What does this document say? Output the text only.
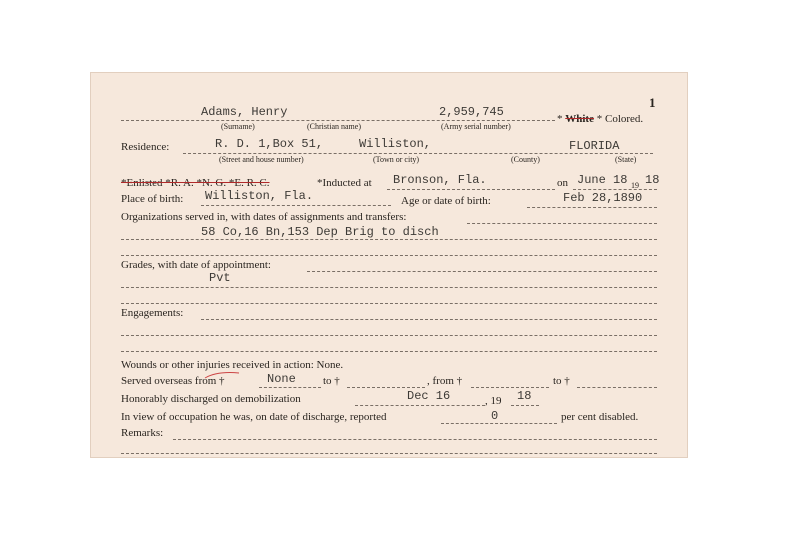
1
Adams, Henry	2,959,745
(Surname)	(Christian name)	(Army serial number)
* White * Colored.
Residence:	R. D. 1,Box 51,	Williston,	FLORIDA
(Street and house number)	(Town or city)	(County)	(State)
*Enlisted *R. A. *N. G. *E. R. C.	*Inducted at Bronson, Fla.	on June 18 19 18
Place of birth: Williston, Fla.	Age or date of birth:	Feb 28,1890
Organizations served in, with dates of assignments and transfers:
58 Co,16 Bn,153 Dep Brig to disch
Grades, with date of appointment:
Pvt
Engagements:
Wounds or other injuries received in action: None.
Served overseas from †	None to †	, from †	to †
Honorably discharged on demobilization	Dec 16	, 19 18
In view of occupation he was, on date of discharge, reported	0	per cent disabled.
Remarks:
